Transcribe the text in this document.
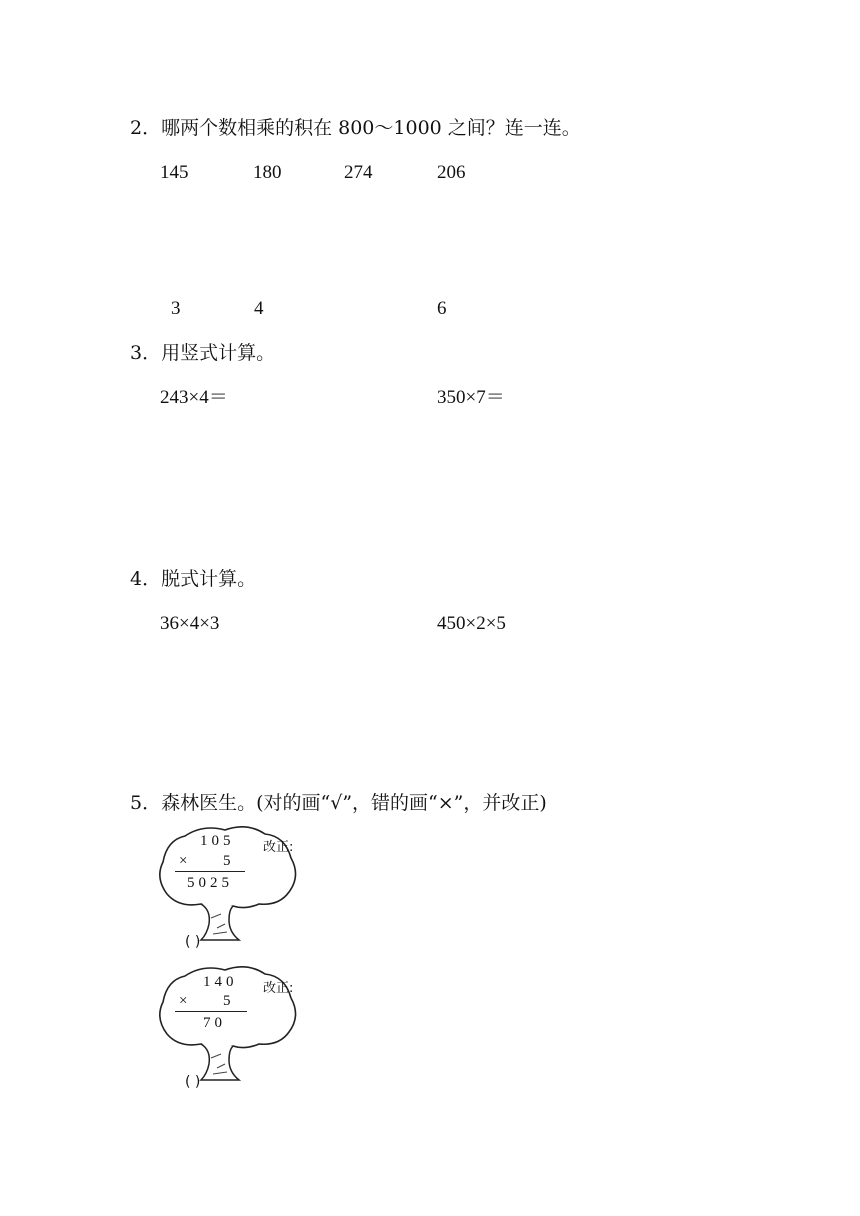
2．哪两个数相乘的积在 800～1000 之间？连一连。
145	180	274	206
3	4	6
3．用竖式计算。
243×4＝	350×7＝
4．脱式计算。
36×4×3	450×2×5
5．森林医生。(对的画“√”，错的画“×”，并改正)
105
× 5
5025
( )
改正:
140
× 5
70
( )
改正:
